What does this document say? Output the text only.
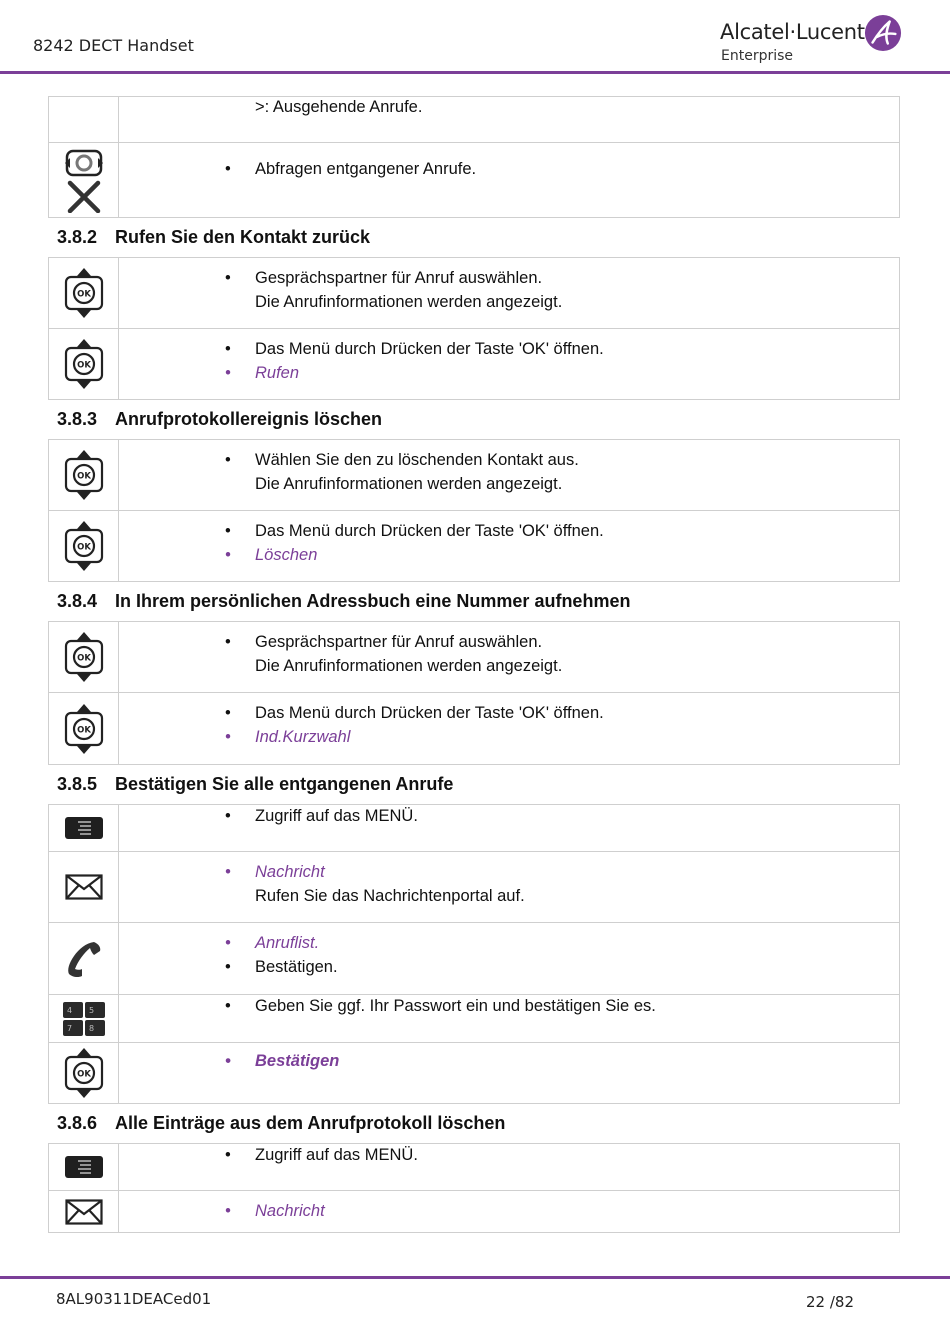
8242 DECT Handset
Alcatel·Lucent
Enterprise

	>: Ausgehende Anrufe.

• Abfragen entgangener Anrufe.
3.8.2 Rufen Sie den Kontakt zurück
OK	• Gesprächspartner für Anruf auswählen.
Die Anrufinformationen werden angezeigt.

OK	• Das Menü durch Drücken der Taste 'OK' öffnen.
• Rufen
3.8.3 Anrufprotokollereignis löschen
OK	• Wählen Sie den zu löschenden Kontakt aus.
Die Anrufinformationen werden angezeigt.

OK	• Das Menü durch Drücken der Taste 'OK' öffnen.
• Löschen
3.8.4 In Ihrem persönlichen Adressbuch eine Nummer aufnehmen
OK	• Gesprächspartner für Anruf auswählen.
Die Anrufinformationen werden angezeigt.

OK	• Das Menü durch Drücken der Taste 'OK' öffnen.
• Ind.Kurzwahl
3.8.5 Bestätigen Sie alle entgangenen Anrufe

• Zugriff auf das MENÜ.

• Nachricht
Rufen Sie das Nachrichtenportal auf.

• Anruflist.
• Bestätigen.

4 5
7 8	• Geben Sie ggf. Ihr Passwort ein und bestätigen Sie es.

OK	• Bestätigen
3.8.6 Alle Einträge aus dem Anrufprotokoll löschen

• Zugriff auf das MENÜ.

• Nachricht
8AL90311DEACed01	22 /82
